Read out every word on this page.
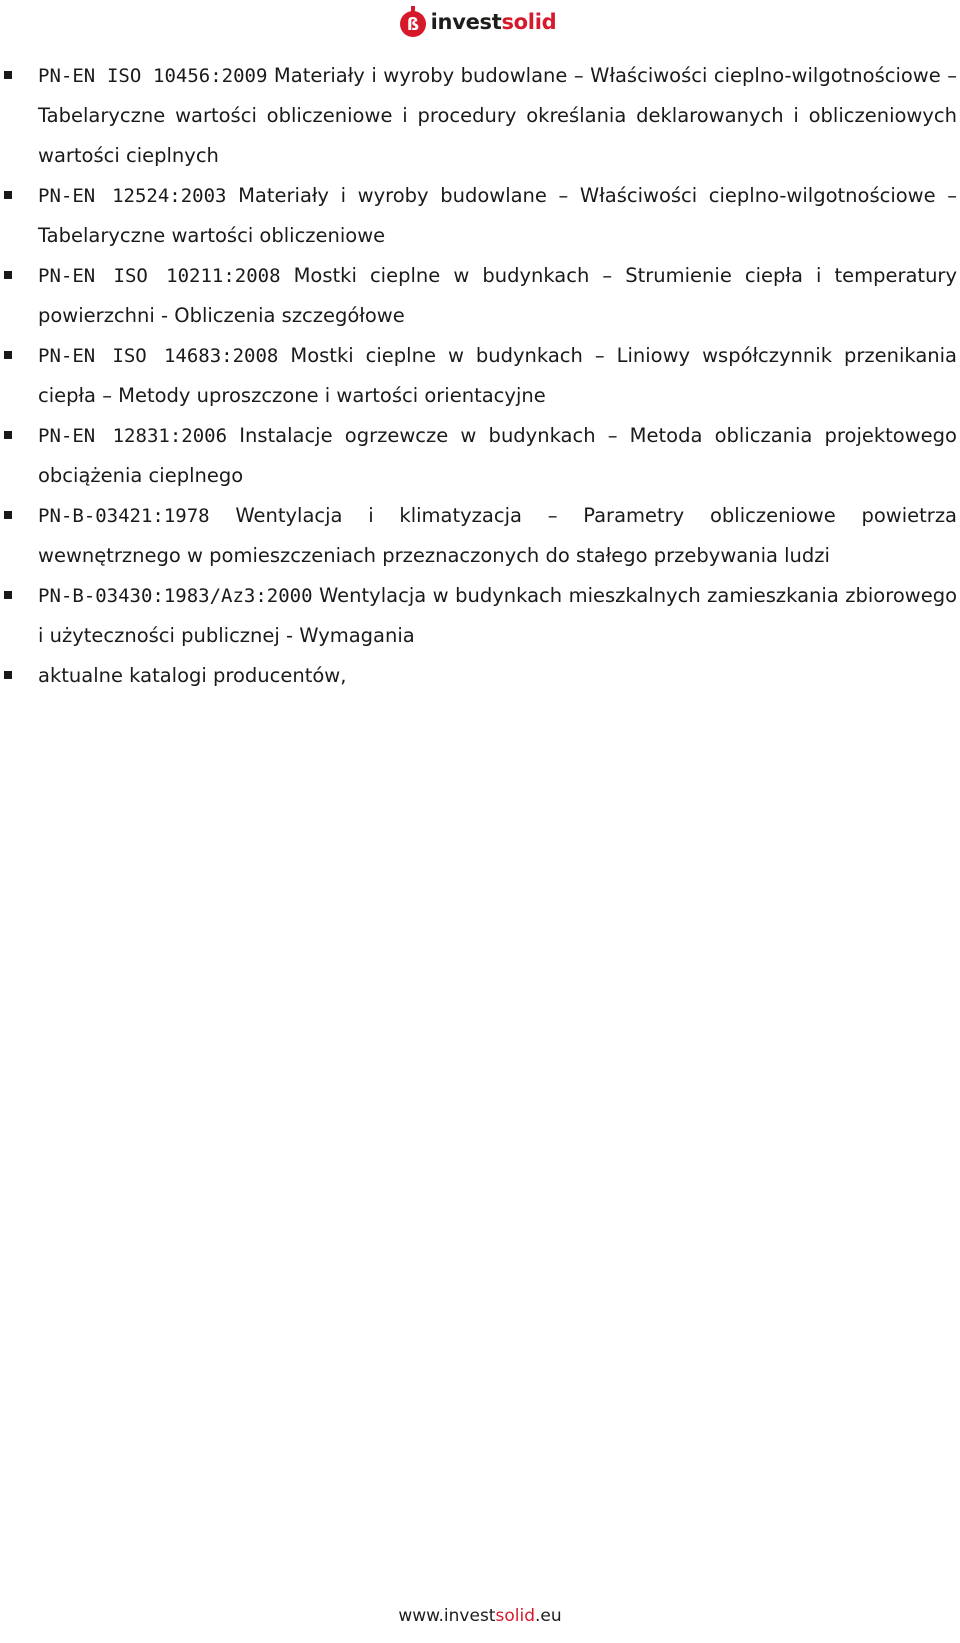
ß investsolid
PN-EN ISO 10456:2009 Materiały i wyroby budowlane – Właściwości cieplno-wilgotnościowe – Tabelaryczne wartości obliczeniowe i procedury określania deklarowanych i obliczeniowych wartości cieplnych
PN-EN 12524:2003 Materiały i wyroby budowlane – Właściwości cieplno-wilgotnościowe – Tabelaryczne wartości obliczeniowe
PN-EN ISO 10211:2008 Mostki cieplne w budynkach – Strumienie ciepła i temperatury powierzchni - Obliczenia szczegółowe
PN-EN ISO 14683:2008 Mostki cieplne w budynkach – Liniowy współczynnik przenikania ciepła – Metody uproszczone i wartości orientacyjne
PN-EN 12831:2006 Instalacje ogrzewcze w budynkach – Metoda obliczania projektowego obciążenia cieplnego
PN-B-03421:1978 Wentylacja i klimatyzacja – Parametry obliczeniowe powietrza wewnętrznego w pomieszczeniach przeznaczonych do stałego przebywania ludzi
PN-B-03430:1983/Az3:2000 Wentylacja w budynkach mieszkalnych zamieszkania zbiorowego i użyteczności publicznej - Wymagania
aktualne katalogi producentów,
www.investsolid.eu
